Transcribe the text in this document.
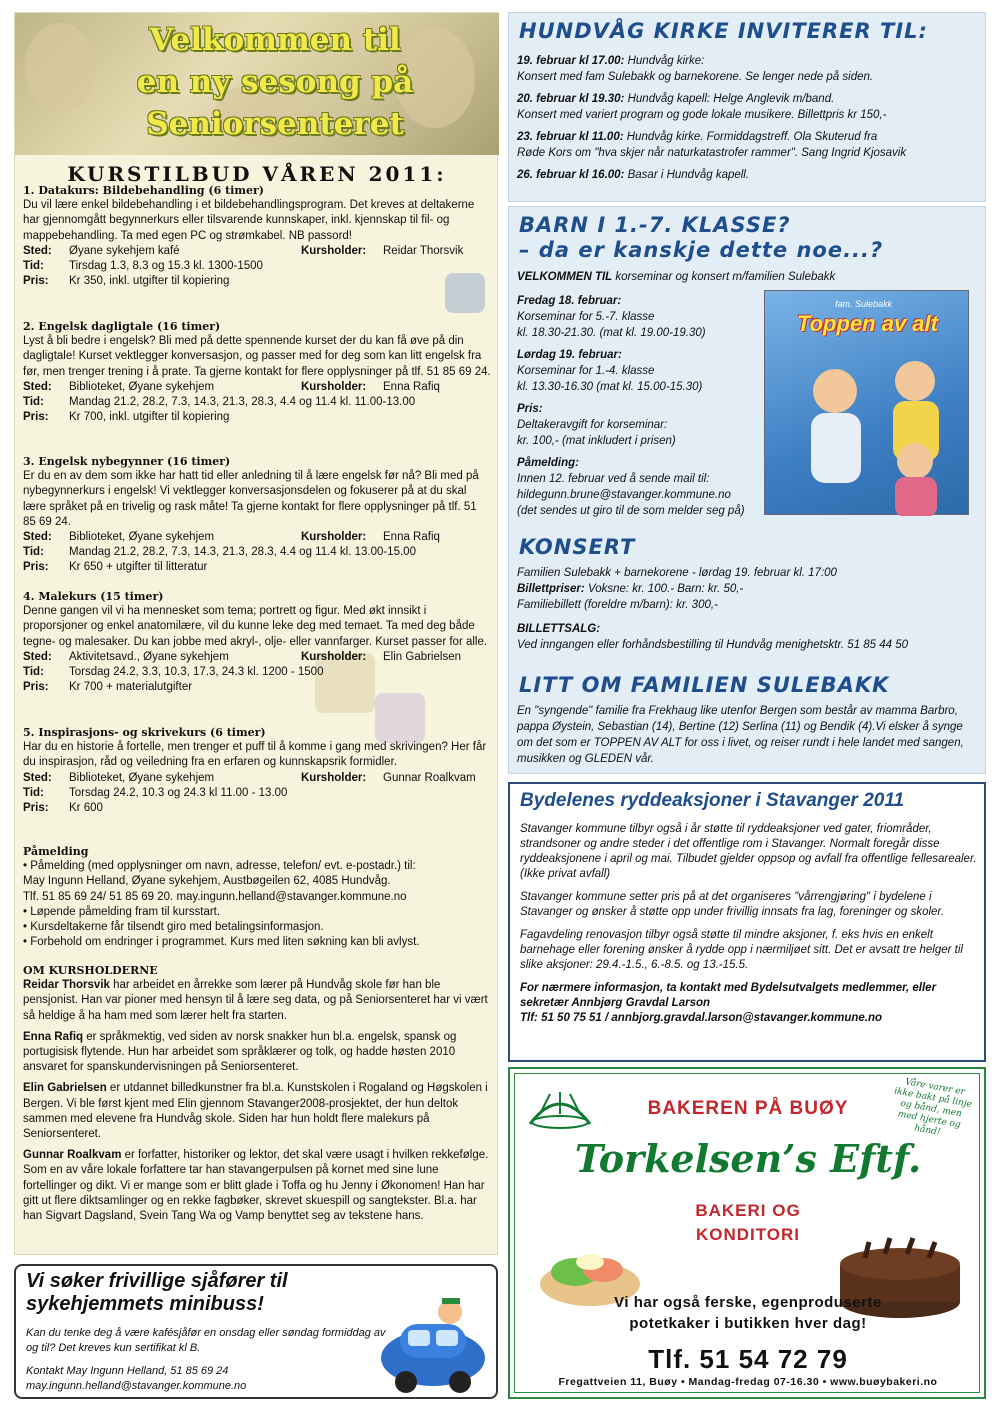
Velkommen til
en ny sesong på
Seniorsenteret
KURSTILBUD VÅREN 2011:

1. Datakurs: Bildebehandling (6 timer)

Du vil lære enkel bildebehandling i et bildebehandlingsprogram. Det kreves at deltakerne har gjennomgått begynnerkurs eller tilsvarende kunnskaper, inkl. kjennskap til fil- og mappebehandling. Ta med egen PC og strømkabel. NB passord!

Sted:	Øyane sykehjem kafé	Kursholder:	Reidar Thorsvik
Tid:	Tirsdag 1.3, 8.3 og 15.3 kl. 1300-1500
Pris:	Kr 350, inkl. utgifter til kopiering

2. Engelsk dagligtale (16 timer)

Lyst å bli bedre i engelsk? Bli med på dette spennende kurset der du kan få øve på din dagligtale! Kurset vektlegger konversasjon, og passer med for deg som kan litt engelsk fra før, men trenger trening i å prate. Ta gjerne kontakt for flere opplysninger på tlf. 51 85 69 24.

Sted:	Biblioteket, Øyane sykehjem	Kursholder:	Enna Rafiq
Tid:	Mandag 21.2, 28.2, 7.3, 14.3, 21.3, 28.3, 4.4 og 11.4 kl. 11.00-13.00
Pris:	Kr 700, inkl. utgifter til kopiering

3. Engelsk nybegynner (16 timer)

Er du en av dem som ikke har hatt tid eller anledning til å lære engelsk før nå? Bli med på nybegynnerkurs i engelsk! Vi vektlegger konversasjonsdelen og fokuserer på at du skal lære språket på en trivelig og rask måte! Ta gjerne kontakt for flere opplysninger på tlf. 51 85 69 24.

Sted:	Biblioteket, Øyane sykehjem	Kursholder:	Enna Rafiq
Tid:	Mandag 21.2, 28.2, 7.3, 14.3, 21.3, 28.3, 4.4 og 11.4 kl. 13.00-15.00
Pris:	Kr 650 + utgifter til litteratur

4. Malekurs (15 timer)

Denne gangen vil vi ha mennesket som tema; portrett og figur. Med økt innsikt i proporsjoner og enkel anatomilære, vil du kunne leke deg med temaet. Ta med deg både tegne- og malesaker. Du kan jobbe med akryl-, olje- eller vannfarger. Kurset passer for alle.

Sted:	Aktivitetsavd., Øyane sykehjem	Kursholder:	Elin Gabrielsen
Tid:	Torsdag 24.2, 3.3, 10.3, 17.3, 24.3 kl. 1200 - 1500
Pris:	Kr 700 + materialutgifter

5. Inspirasjons- og skrivekurs (6 timer)

Har du en historie å fortelle, men trenger et puff til å komme i gang med skrivingen? Her får du inspirasjon, råd og veiledning fra en erfaren og kunnskapsrik formidler.

Sted:	Biblioteket, Øyane sykehjem	Kursholder:	Gunnar Roalkvam
Tid:	Torsdag 24.2, 10.3 og 24.3 kl 11.00 - 13.00
Pris:	Kr 600

Påmelding

• Påmelding (med opplysninger om navn, adresse, telefon/ evt. e-postadr.) til:

May Ingunn Helland, Øyane sykehjem, Austbøgeilen 62, 4085 Hundvåg.

Tlf. 51 85 69 24/ 51 85 69 20. may.ingunn.helland@stavanger.kommune.no

• Løpende påmelding fram til kursstart.

• Kursdeltakerne får tilsendt giro med betalingsinformasjon.

• Forbehold om endringer i programmet. Kurs med liten søkning kan bli avlyst.

OM KURSHOLDERNE

Reidar Thorsvik har arbeidet en årrekke som lærer på Hundvåg skole før han ble pensjonist. Han var pioner med hensyn til å lære seg data, og på Seniorsenteret har vi vært så heldige å ha ham med som lærer helt fra starten.

Enna Rafiq er språkmektig, ved siden av norsk snakker hun bl.a. engelsk, spansk og portugisisk flytende. Hun har arbeidet som språklærer og tolk, og hadde høsten 2010 ansvaret for spanskundervisningen på Seniorsenteret.

Elin Gabrielsen er utdannet billedkunstner fra bl.a. Kunstskolen i Rogaland og Høgskolen i Bergen. Vi ble først kjent med Elin gjennom Stavanger2008-prosjektet, der hun deltok sammen med elevene fra Hundvåg skole. Siden har hun holdt flere malekurs på Seniorsenteret.

Gunnar Roalkvam er forfatter, historiker og lektor, det skal være usagt i hvilken rekkefølge. Som en av våre lokale forfattere tar han stavangerpulsen på kornet med sine lune fortellinger og dikt. Vi er mange som er blitt glade i Toffa og hu Jenny i Økonomen! Han har gitt ut flere diktsamlinger og en rekke fagbøker, skrevet skuespill og sangtekster. Bl.a. har han Sigvart Dagsland, Svein Tang Wa og Vamp benyttet seg av tekstene hans.

Vi søker frivillige sjåfører til sykehjemmets minibuss!

Kan du tenke deg å være kafésjåfør en onsdag eller søndag formiddag av og til? Det kreves kun sertifikat kl B.

Kontakt May Ingunn Helland, 51 85 69 24

may.ingunn.helland@stavanger.kommune.no

HUNDVÅG KIRKE INVITERER TIL:
19. februar kl 17.00: Hundvåg kirke:
Konsert med fam Sulebakk og barnekorene. Se lenger nede på siden.
20. februar kl 19.30: Hundvåg kapell: Helge Anglevik m/band.
Konsert med variert program og gode lokale musikere. Billettpris kr 150,-
23. februar kl 11.00: Hundvåg kirke. Formiddagstreff. Ola Skuterud fra
Røde Kors om "hva skjer når naturkatastrofer rammer". Sang Ingrid Kjosavik
26. februar kl 16.00: Basar i Hundvåg kapell.
BARN I 1.-7. KLASSE?
– da er kanskje dette noe...?
VELKOMMEN TIL korseminar og konsert m/familien Sulebakk
Fredag 18. februar:
Korseminar for 5.-7. klasse
kl. 18.30-21.30. (mat kl. 19.00-19.30)

Lørdag 19. februar:
Korseminar for 1.-4. klasse
kl. 13.30-16.30 (mat kl. 15.00-15.30)

Pris:
Deltakeravgift for korseminar:
kr. 100,- (mat inkludert i prisen)

Påmelding:
Innen 12. februar ved å sende mail til:
hildegunn.brune@stavanger.kommune.no
(det sendes ut giro til de som melder seg på)
fam. Sulebakk
Toppen av alt
KONSERT
Familien Sulebakk + barnekorene - lørdag 19. februar kl. 17:00
Billettpriser: Voksne: kr. 100.- Barn: kr. 50,-
Familiebillett (foreldre m/barn): kr. 300,-
BILLETTSALG:
Ved inngangen eller forhåndsbestilling til Hundvåg menighetsktr. 51 85 44 50
LITT OM FAMILIEN SULEBAKK
En "syngende" familie fra Frekhaug like utenfor Bergen som består av mamma Barbro, pappa Øystein, Sebastian (14), Bertine (12) Serlina (11) og Bendik (4).Vi elsker å synge om det som er TOPPEN AV ALT for oss i livet, og reiser rundt i hele landet med sangen, musikken og GLEDEN vår.
Bydelenes ryddeaksjoner i Stavanger 2011

Stavanger kommune tilbyr også i år støtte til ryddeaksjoner ved gater, friområder, strandsoner og andre steder i det offentlige rom i Stavanger. Normalt foregår disse ryddeaksjonene i april og mai. Tilbudet gjelder oppsop og avfall fra offentlige fellesarealer. (Ikke privat avfall)

Stavanger kommune setter pris på at det organiseres "vårrengjøring" i bydelene i Stavanger og ønsker å støtte opp under frivillig innsats fra lag, foreninger og skoler.

Fagavdeling renovasjon tilbyr også støtte til mindre aksjoner, f. eks hvis en enkelt barnehage eller forening ønsker å rydde opp i nærmiljøet sitt. Det er avsatt tre helger til slike aksjoner: 29.4.-1.5., 6.-8.5. og 13.-15.5.

For nærmere informasjon, ta kontakt med Bydelsutvalgets medlemmer, eller sekretær Annbjørg Gravdal Larson

Tlf: 51 50 75 51 / annbjorg.gravdal.larson@stavanger.kommune.no

Våre varer er ikke bakt på linje og bånd, men med hjerte og hånd!
BAKEREN PÅ BUØY
Torkelsen’s Eftf.
BAKERI OG
KONDITORI
Vi har også ferske, egenproduserte
potetkaker i butikken hver dag!
Tlf. 51 54 72 79
Fregattveien 11, Buøy • Mandag-fredag 07-16.30 • www.buøybakeri.no
